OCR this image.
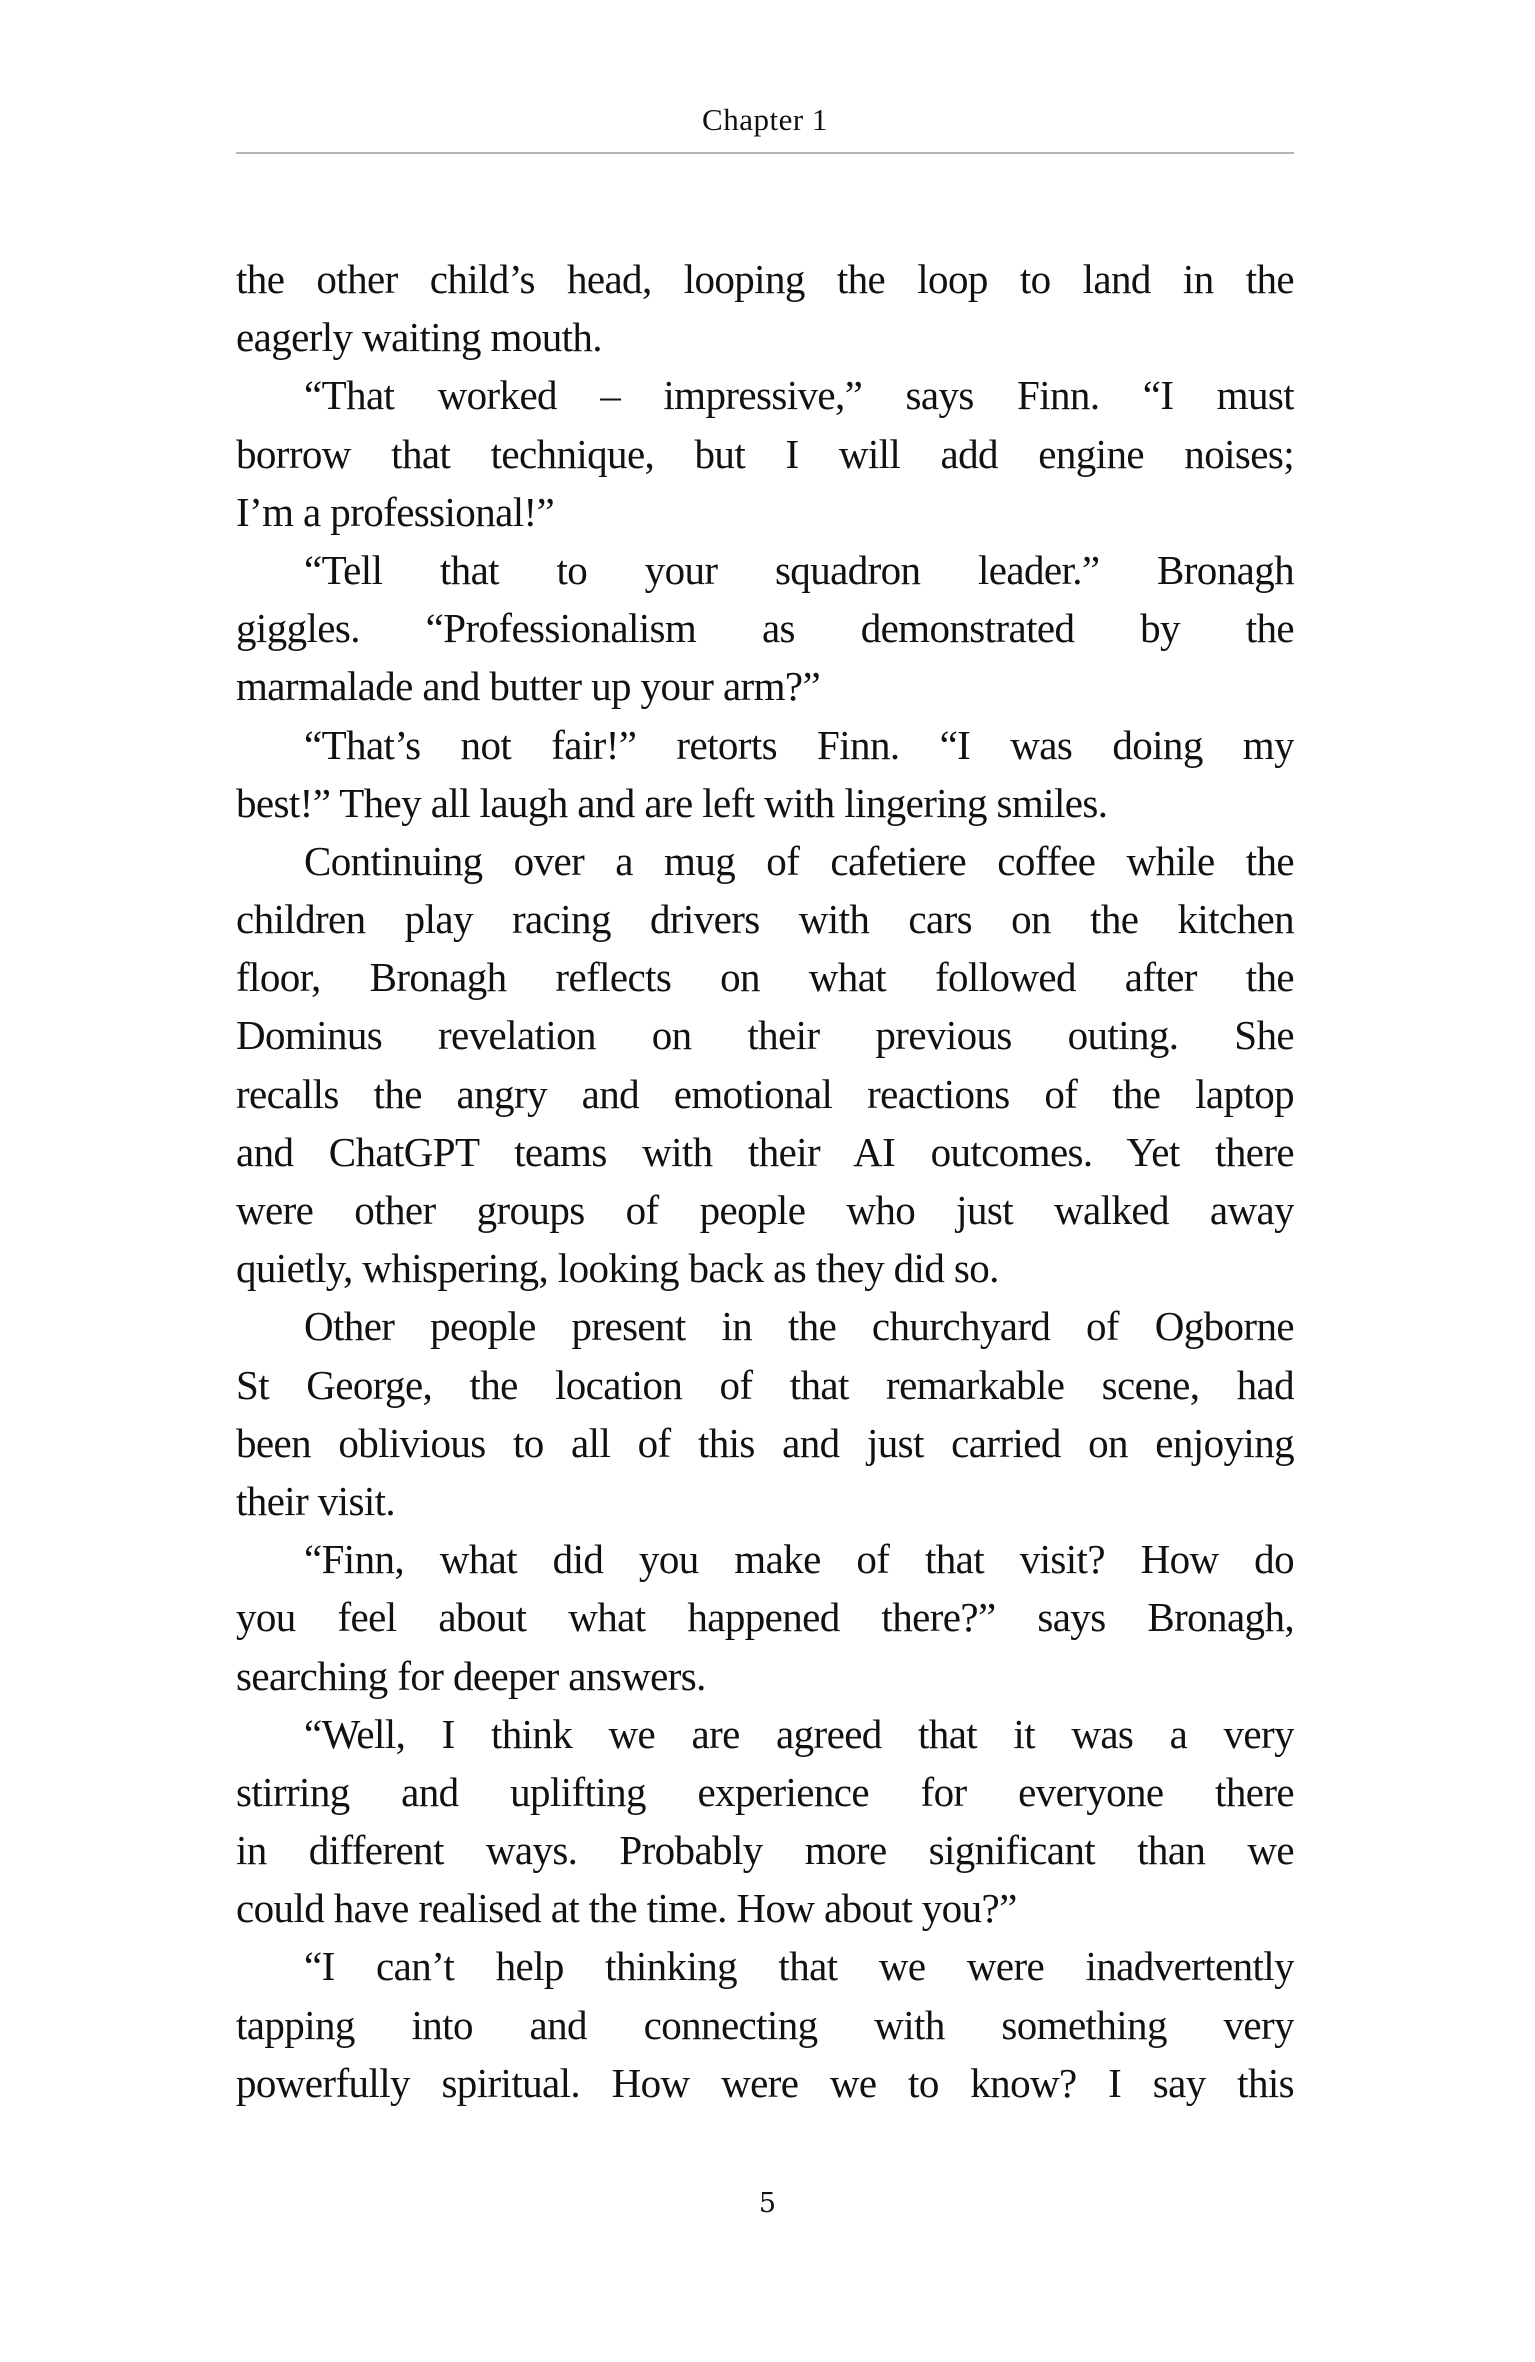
Chapter 1
the other child’s head, looping the loop to land in the
eagerly waiting mouth.
“That worked – impressive,” says Finn. “I must
borrow that technique, but I will add engine noises;
I’m a professional!”
“Tell that to your squadron leader.” Bronagh
giggles. “Professionalism as demonstrated by the
marmalade and butter up your arm?”
“That’s not fair!” retorts Finn. “I was doing my
best!” They all laugh and are left with lingering smiles.
Continuing over a mug of cafetiere coffee while the
children play racing drivers with cars on the kitchen
floor, Bronagh reflects on what followed after the
Dominus revelation on their previous outing. She
recalls the angry and emotional reactions of the laptop
and ChatGPT teams with their AI outcomes. Yet there
were other groups of people who just walked away
quietly, whispering, looking back as they did so.
Other people present in the churchyard of Ogborne
St George, the location of that remarkable scene, had
been oblivious to all of this and just carried on enjoying
their visit.
“Finn, what did you make of that visit? How do
you feel about what happened there?” says Bronagh,
searching for deeper answers.
“Well, I think we are agreed that it was a very
stirring and uplifting experience for everyone there
in different ways. Probably more significant than we
could have realised at the time. How about you?”
“I can’t help thinking that we were inadvertently
tapping into and connecting with something very
powerfully spiritual. How were we to know? I say this
5
